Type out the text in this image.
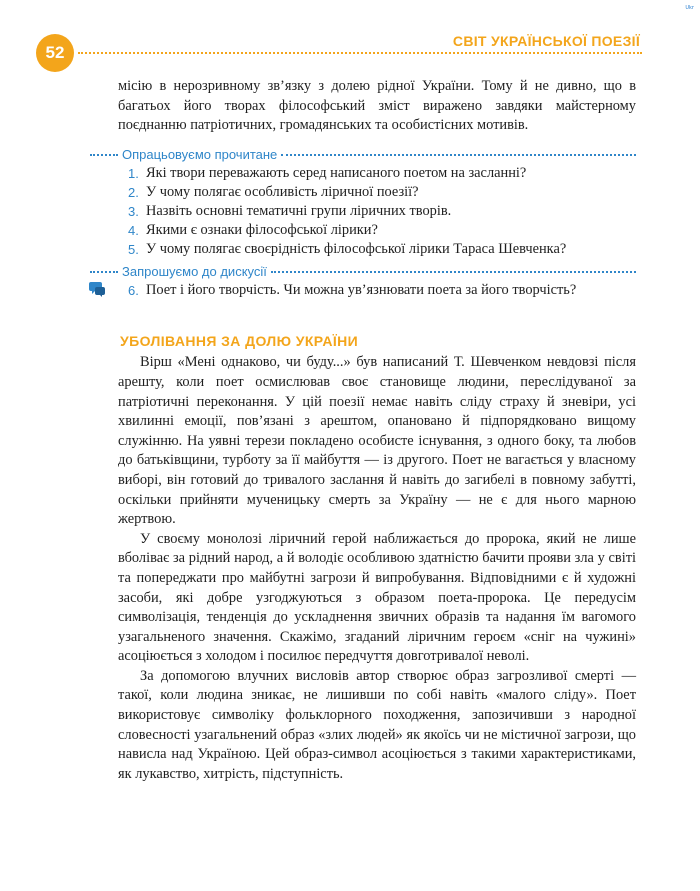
Ukr
52
СВІТ УКРАЇНСЬКОЇ ПОЕЗІЇ

місію в нерозривному зв’язку з долею рідної України. Тому й не дивно, що в багатьох його творах філософський зміст виражено завдяки майстерному поєднанню патріотичних, громадянських та особистісних мотивів.

Опрацьовуємо прочитане
1. Які твори переважають серед написаного поетом на засланні?
2. У чому полягає особливість ліричної поезії?
3. Назвіть основні тематичні групи ліричних творів.
4. Якими є ознаки філософської лірики?
5. У чому полягає своєрідність філософської лірики Тараса Шевченка?
Запрошуємо до дискусії
6. Поет і його творчість. Чи можна ув’язнювати поета за його творчість?
УБОЛІВАННЯ ЗА ДОЛЮ УКРАЇНИ

Вірш «Мені однаково, чи буду...» був написаний Т. Шевченком невдовзі після арешту, коли поет осмислював своє становище людини, переслідуваної за патріотичні переконання. У цій поезії немає навіть сліду страху й зневіри, усі хвилинні емоції, пов’язані з арештом, опановано й підпорядковано вищому служінню. На уявні терези покладено особисте існування, з одного боку, та любов до батьківщини, турботу за її майбуття — із другого. Поет не вагається у власному виборі, він готовий до тривалого заслання й навіть до загибелі в повному забутті, оскільки прийняти мученицьку смерть за Україну — не є для нього марною жертвою.

У своєму монолозі ліричний герой наближається до пророка, який не лише вболіває за рідний народ, а й володіє особливою здатністю бачити прояви зла у світі та попереджати про майбутні загрози й випробування. Відповідними є й художні засоби, які добре узгоджуються з образом поета-пророка. Це передусім символізація, тенденція до ускладнення звичних образів та надання їм вагомого узагальненого значення. Скажімо, згаданий ліричним героєм «сніг на чужині» асоціюється з холодом і посилює передчуття довготривалої неволі.

За допомогою влучних висловів автор створює образ загрозливої смерті — такої, коли людина зникає, не лишивши по собі навіть «малого сліду». Поет використовує символіку фольклорного походження, запозичивши з народної словесності узагальнений образ «злих людей» як якоїсь чи не містичної загрози, що нависла над Україною. Цей образ-символ асоціюється з такими характеристиками, як лукавство, хитрість, підступність.
